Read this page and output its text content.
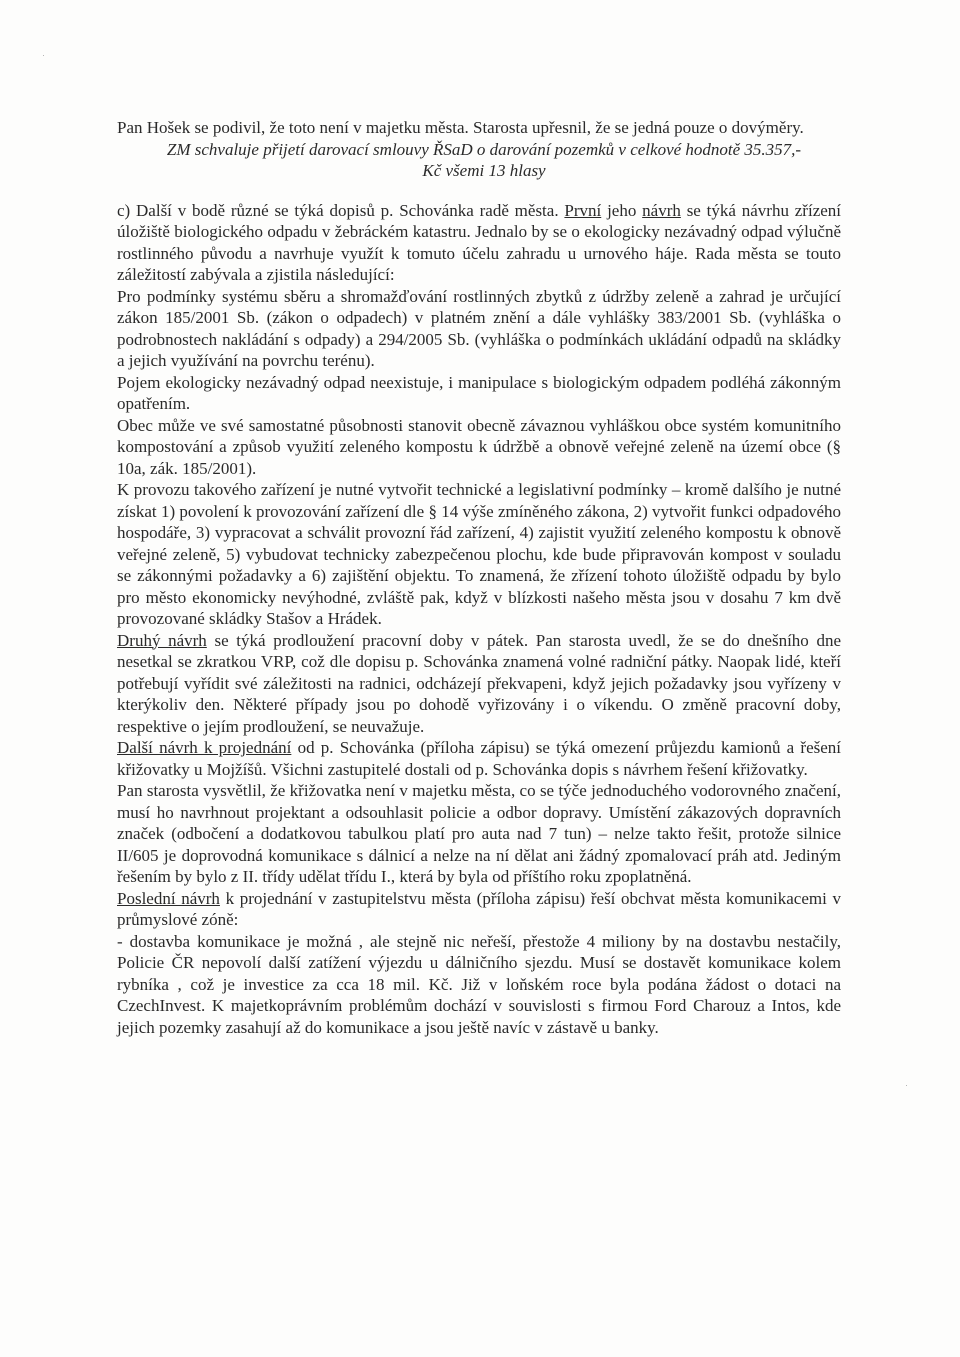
·
·

Pan Hošek se podivil, že toto není v majetku města. Starosta upřesnil, že se jedná pouze o dovýměry.

ZM schvaluje přijetí darovací smlouvy ŘSaD o darování pozemků v celkové hodnotě 35.357,-

Kč všemi 13 hlasy

c) Další v bodě různé se týká dopisů p. Schovánka radě města. První jeho návrh se týká návrhu zřízení úložiště biologického odpadu v žebráckém katastru. Jednalo by se o ekologicky nezávadný odpad výlučně rostlinného původu a navrhuje využít k tomuto účelu zahradu u urnového háje. Rada města se touto záležitostí zabývala a zjistila následující:

Pro podmínky systému sběru a shromažďování rostlinných zbytků z údržby zeleně a zahrad je určující zákon 185/2001 Sb. (zákon o odpadech) v platném znění a dále vyhlášky 383/2001 Sb. (vyhláška o podrobnostech nakládání s odpady) a 294/2005 Sb. (vyhláška o podmínkách ukládání odpadů na skládky a jejich využívání na povrchu terénu).

Pojem ekologicky nezávadný odpad neexistuje, i manipulace s biologickým odpadem podléhá zákonným opatřením.

Obec může ve své samostatné působnosti stanovit obecně závaznou vyhláškou obce systém komunitního kompostování a způsob využití zeleného kompostu k údržbě a obnově veřejné zeleně na území obce (§ 10a, zák. 185/2001).

K provozu takového zařízení je nutné vytvořit technické a legislativní podmínky – kromě dalšího je nutné získat 1) povolení k provozování zařízení dle § 14 výše zmíněného zákona, 2) vytvořit funkci odpadového hospodáře, 3) vypracovat a schválit provozní řád zařízení, 4) zajistit využití zeleného kompostu k obnově veřejné zeleně, 5) vybudovat technicky zabezpečenou plochu, kde bude připravován kompost v souladu se zákonnými požadavky a 6) zajištění objektu. To znamená, že zřízení tohoto úložiště odpadu by bylo pro město ekonomicky nevýhodné, zvláště pak, když v blízkosti našeho města jsou v dosahu 7 km dvě provozované skládky Stašov a Hrádek.

Druhý návrh se týká prodloužení pracovní doby v pátek. Pan starosta uvedl, že se do dnešního dne nesetkal se zkratkou VRP, což dle dopisu p. Schovánka znamená volné radniční pátky. Naopak lidé, kteří potřebují vyřídit své záležitosti na radnici, odcházejí překvapeni, když jejich požadavky jsou vyřízeny v kterýkoliv den. Některé případy jsou po dohodě vyřizovány i o víkendu. O změně pracovní doby, respektive o jejím prodloužení, se neuvažuje.

Další návrh k projednání od p. Schovánka (příloha zápisu) se týká omezení průjezdu kamionů a řešení křižovatky u Mojžíšů. Všichni zastupitelé dostali od p. Schovánka dopis s návrhem řešení křižovatky.

Pan starosta vysvětlil, že křižovatka není v majetku města, co se týče jednoduchého vodorovného značení, musí ho navrhnout projektant a odsouhlasit policie a odbor dopravy. Umístění zákazových dopravních značek (odbočení a dodatkovou tabulkou platí pro auta nad 7 tun) – nelze takto řešit, protože silnice II/605 je doprovodná komunikace s dálnicí a nelze na ní dělat ani žádný zpomalovací práh atd. Jediným řešením by bylo z II. třídy udělat třídu I., která by byla od příštího roku zpoplatněná.

Poslední návrh k projednání v zastupitelstvu města (příloha zápisu) řeší obchvat města komunikacemi v průmyslové zóně:

- dostavba komunikace je možná , ale stejně nic neřeší, přestože 4 miliony by na dostavbu nestačily, Policie ČR nepovolí další zatížení výjezdu u dálničního sjezdu. Musí se dostavět komunikace kolem rybníka , což je investice za cca 18 mil. Kč. Již v loňském roce byla podána žádost o dotaci na CzechInvest. K majetkoprávním problémům dochází v souvislosti s firmou Ford Charouz a Intos, kde jejich pozemky zasahují až do komunikace a jsou ještě navíc v zástavě u banky.
